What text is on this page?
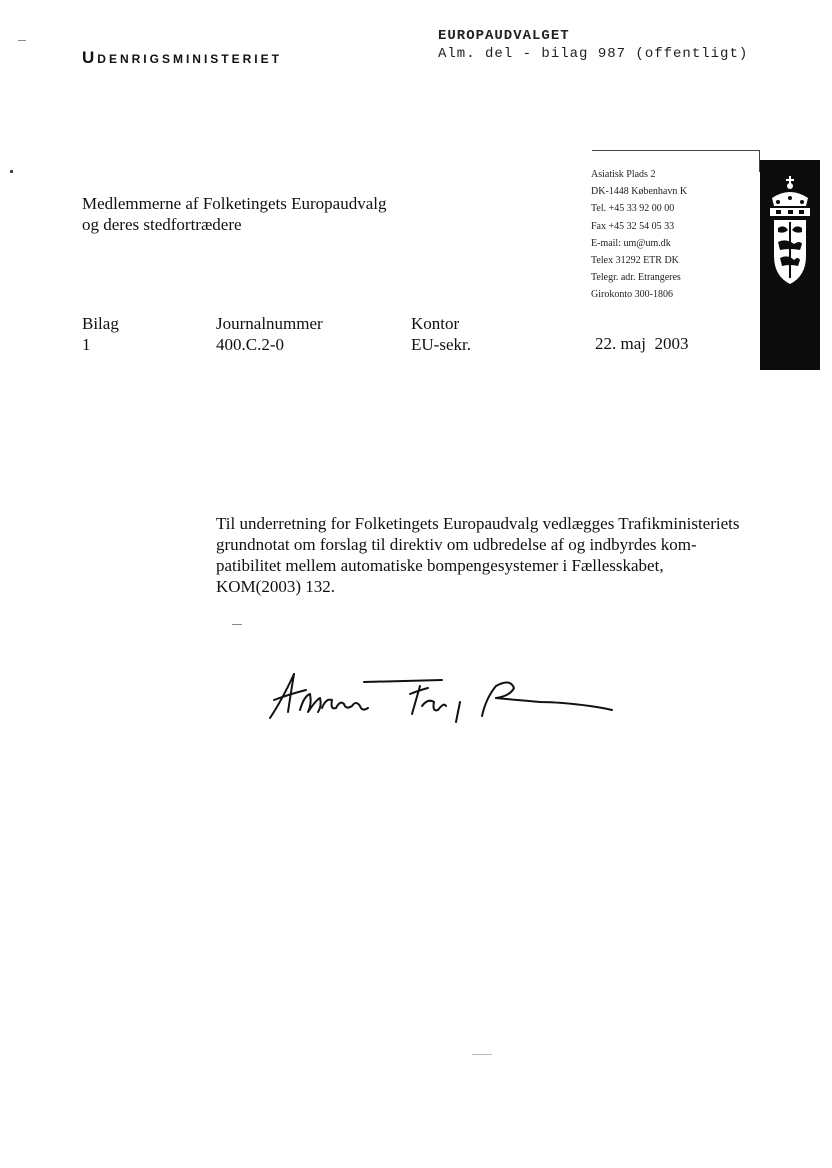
Udenrigsministeriet
EUROPAUDVALGET
Alm. del - bilag 987 (offentligt)
Asiatisk Plads 2
DK-1448 København K
Tel. +45 33 92 00 00
Fax +45 32 54 05 33
E-mail: um@um.dk
Telex 31292 ETR DK
Telegr. adr. Etrangeres
Girokonto 300-1806
Medlemmerne af Folketingets Europaudvalg
og deres stedfortrædere
Bilag
1
Journalnummer
400.C.2-0
Kontor
EU-sekr.	22. maj  2003

Til underretning for Folketingets Europaudvalg vedlægges Trafikministeriets

grundnotat om forslag til direktiv om udbredelse af og indbyrdes kom-

patibilitet mellem automatiske bompengesystemer i Fællesskabet,

KOM(2003) 132.
